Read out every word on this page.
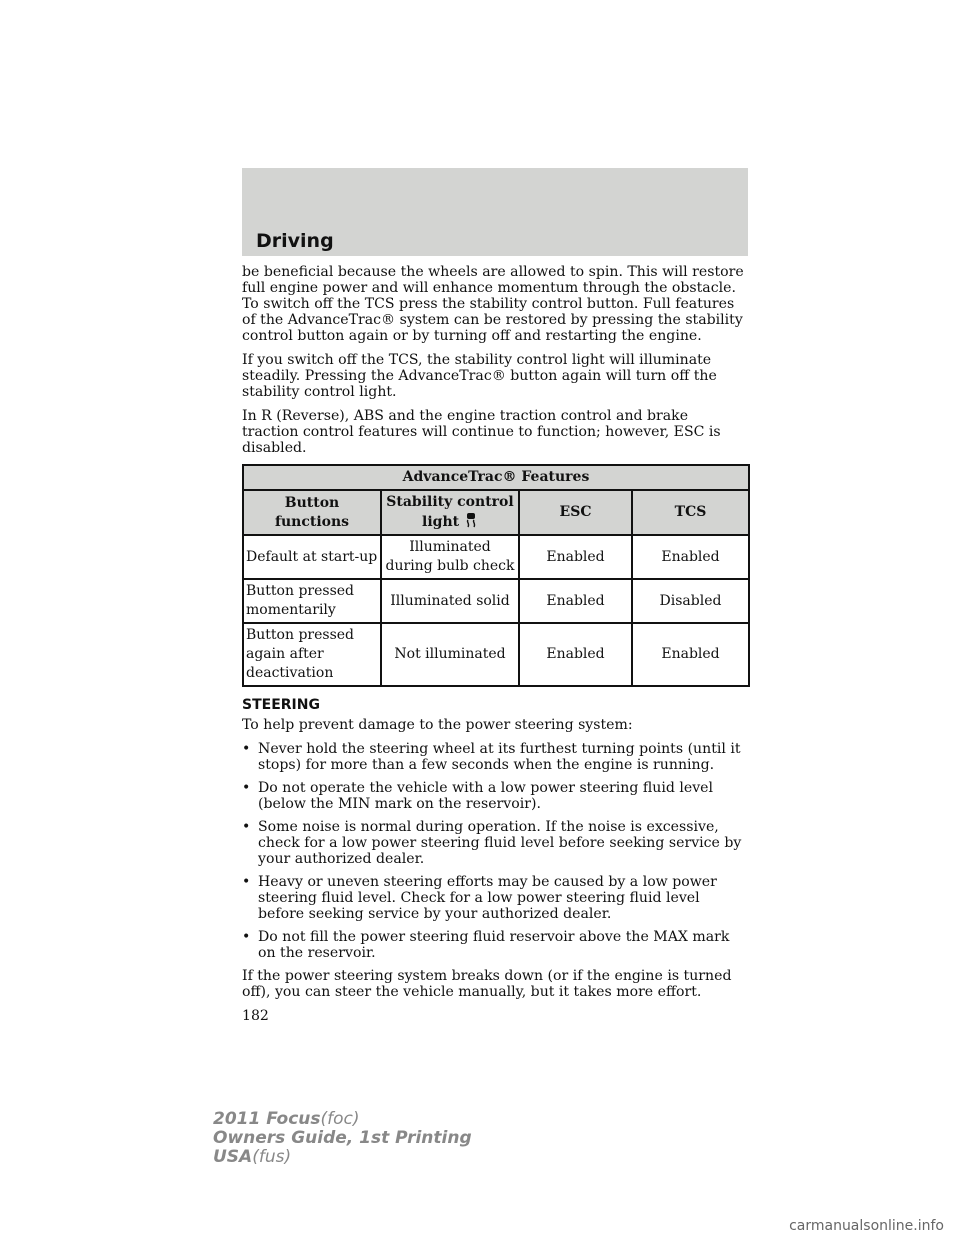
Driving

be beneficial because the wheels are allowed to spin. This will restore full engine power and will enhance momentum through the obstacle. To switch off the TCS press the stability control button. Full features of the AdvanceTrac® system can be restored by pressing the stability control button again or by turning off and restarting the engine.

If you switch off the TCS, the stability control light will illuminate steadily. Pressing the AdvanceTrac® button again will turn off the stability control light.

In R (Reverse), ABS and the engine traction control and brake traction control features will continue to function; however, ESC is disabled.

AdvanceTrac® Features			
Button functions	Stability control light	ESC	TCS
Default at start-up	Illuminated during bulb check	Enabled	Enabled
Button pressed momentarily	Illuminated solid	Enabled	Disabled
Button pressed again after deactivation	Not illuminated	Enabled	Enabled
STEERING

To help prevent damage to the power steering system:

• Never hold the steering wheel at its furthest turning points (until it stops) for more than a few seconds when the engine is running.
• Do not operate the vehicle with a low power steering fluid level (below the MIN mark on the reservoir).
• Some noise is normal during operation. If the noise is excessive, check for a low power steering fluid level before seeking service by your authorized dealer.
• Heavy or uneven steering efforts may be caused by a low power steering fluid level. Check for a low power steering fluid level before seeking service by your authorized dealer.
• Do not fill the power steering fluid reservoir above the MAX mark on the reservoir.

If the power steering system breaks down (or if the engine is turned off), you can steer the vehicle manually, but it takes more effort.

182
2011 Focus(foc)
Owners Guide, 1st Printing
USA(fus)
carmanualsonline.info
